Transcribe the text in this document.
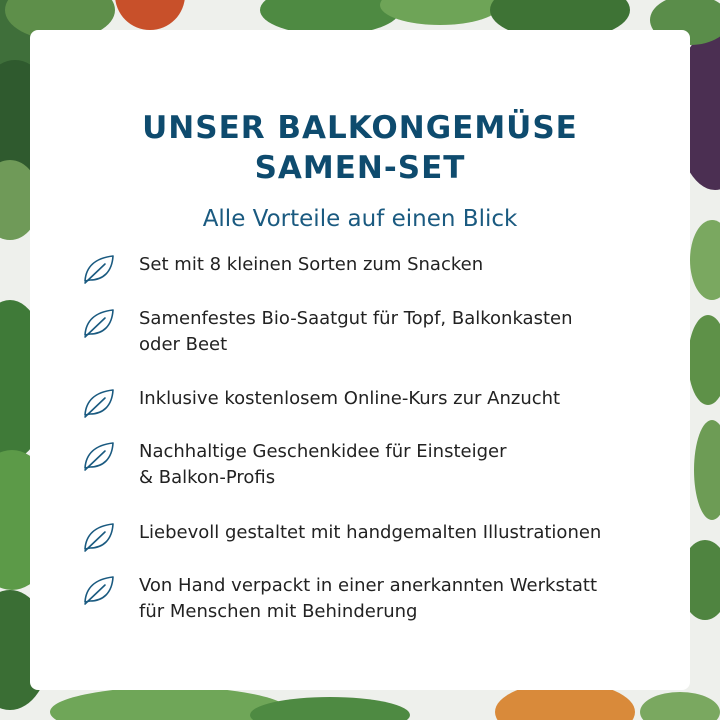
UNSER BALKONGEMÜSE
SAMEN-SET

Alle Vorteile auf einen Blick

Set mit 8 kleinen Sorten zum Snacken
Samenfestes Bio-Saatgut für Topf, Balkonkasten
oder Beet
Inklusive kostenlosem Online-Kurs zur Anzucht
Nachhaltige Geschenkidee für Einsteiger
& Balkon-Profis
Liebevoll gestaltet mit handgemalten Illustrationen
Von Hand verpackt in einer anerkannten Werkstatt
für Menschen mit Behinderung
